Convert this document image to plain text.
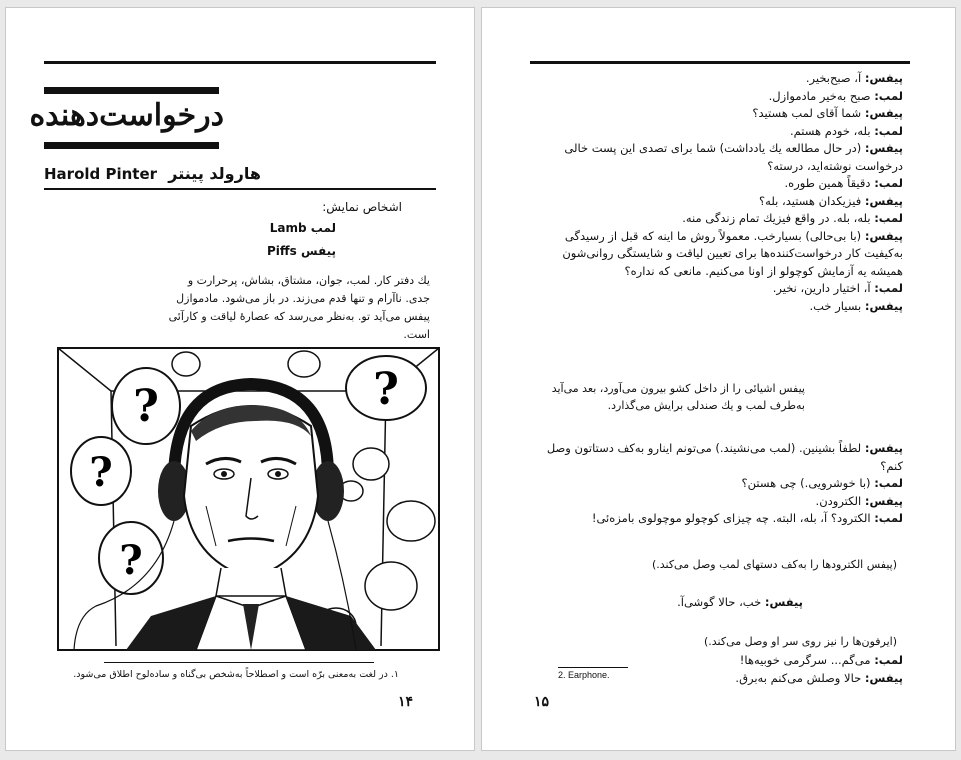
درخواست‌دهنده
Harold Pinter هارولد پینتر
اشخاص نمایش:
Lamb لمب
Piffs پیفس
یك دفتر کار. لمب، جوان، مشتاق، بشاش، پرحرارت و
جدی. ناآرام و تنها قدم می‌زند. در باز می‌شود. مادموازل
پیفس می‌آید تو. به‌نظر می‌رسد که عصارهٔ لیاقت و کارآئی
است.
?	?
?
?
۱. در لغت به‌معنی برّه است و اصطلاحاً به‌شخص بی‌گناه و ساده‌لوح اطلاق می‌شود.
۱۴
پیفس: آ، صبح‌بخیر.
لمب: صبح به‌خیر مادموازل.
پیفس: شما آقای لمب هستید؟
لمب: بله، خودم هستم.
پیفس: (در حال مطالعه یك یادداشت) شما برای تصدی این پست خالی
درخواست نوشته‌اید، درسته؟
لمب: دقیقاً همین طوره.
پیفس: فیزیکدان هستید، بله؟
لمب: بله، بله. در واقع فیزیك تمام زندگی منه.
پیفس: (با بی‌حالی) بسیارخب. معمولاً روش ما اینه که قبل از رسیدگی
به‌کیفیت کار درخواست‌کننده‌ها برای تعیین لیاقت و شایستگی روانی‌شون
همیشه یه آزمایش کوچولو از اونا می‌کنیم. مانعی که نداره؟
لمب: آ، اختیار دارین، نخیر.
پیفس: بسیار خب.
پیفس اشیائی را از داخل کشو بیرون می‌آورد، بعد می‌آید
به‌طرف لمب و یك صندلی برایش می‌گذارد.
پیفس: لطفاً بشینین. (لمب می‌نشیند.) می‌تونم اینارو به‌کف دستاتون وصل
کنم؟
لمب: (با خوشرویی.) چی هستن؟
پیفس: الکترودن.
لمب: الکترود؟ آ، بله، البته. چه چیزای کوچولو موچولوی بامزه‌ئی!
(پیفس الکترودها را به‌کف دستهای لمب وصل می‌کند.)
پیفس: خب، حالا گوشی‌آ.
(ایرفون‌ها را نیز روی سر او وصل می‌کند.)
لمب: می‌گم... سرگرمی خوبیه‌ها!
پیفس: حالا وصلش می‌کنم به‌برق.
2. Earphone.
۱۵
